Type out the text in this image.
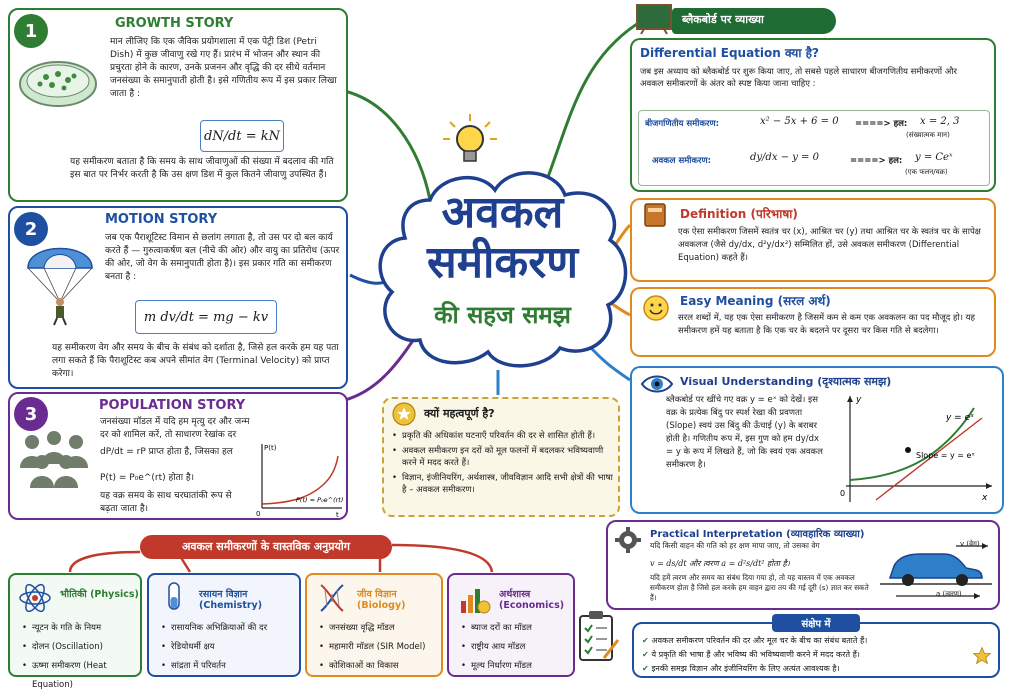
अवकल
समीकरण
की सहज समझ
1	GROWTH STORY
मान लीजिए कि एक जैविक प्रयोगशाला में एक पेट्री डिश (Petri Dish) में कुछ जीवाणु रखे गए हैं। प्रारंभ में भोजन और स्थान की प्रचुरता होने के कारण, उनके प्रजनन और वृद्धि की दर सीधे वर्तमान जनसंख्या के समानुपाती होती है। इसे गणितीय रूप में इस प्रकार लिखा जाता है :
dN/dt = kN
यह समीकरण बताता है कि समय के साथ जीवाणुओं की संख्या में बदलाव की गति इस बात पर निर्भर करती है कि उस क्षण डिश में कुल कितने जीवाणु उपस्थित हैं।
2	MOTION STORY
जब एक पैराशूटिस्ट विमान से छलांग लगाता है, तो उस पर दो बल कार्य करते हैं — गुरुत्वाकर्षण बल (नीचे की ओर) और वायु का प्रतिरोध (ऊपर की ओर, जो वेग के समानुपाती होता है)। इस प्रकार गति का समीकरण बनता है :
m dv/dt = mg − kv
यह समीकरण वेग और समय के बीच के संबंध को दर्शाता है, जिसे हल करके हम यह पता लगा सकते हैं कि पैराशूटिस्ट कब अपने सीमांत वेग (Terminal Velocity) को प्राप्त करेगा।
3	POPULATION STORY
जनसंख्या मॉडल में यदि हम मृत्यु दर और जन्म दर को शामिल करें, तो साधारण रेखांक दर
dP/dt = rP प्राप्त होता है, जिसका हल
P(t) = P₀e^(rt) होता है।
यह वक्र समय के साथ चरघातांकी रूप से बढ़ता जाता है।
P(t)
t
0
P(t) = P₀e^(rt)
ब्लैकबोर्ड पर व्याख्या
Differential Equation क्या है?
जब इस अध्याय को ब्लैकबोर्ड पर शुरू किया जाए, तो सबसे पहले साधारण बीजगणितीय समीकरणों और अवकल समीकरणों के अंतर को स्पष्ट किया जाना चाहिए :
बीजगणितीय समीकरण:	x² − 5x + 6 = 0 ====> हल: x = 2, 3
(संख्यात्मक मान)
अवकल समीकरण:	dy/dx − y = 0	====> हल: y = Ceˣ
(एक फलन/वक्र)
Definition (परिभाषा)
एक ऐसा समीकरण जिसमें स्वतंत्र चर (x), आश्रित चर (y) तथा आश्रित चर के स्वतंत्र चर के सापेक्ष अवकलज (जैसे dy/dx, d²y/dx²) सम्मिलित हों, उसे अवकल समीकरण (Differential Equation) कहते हैं।
Easy Meaning (सरल अर्थ)
सरल शब्दों में, यह एक ऐसा समीकरण है जिसमें कम से कम एक अवकलन का पद मौजूद हो। यह समीकरण हमें यह बताता है कि एक चर के बदलने पर दूसरा चर किस गति से बदलेगा।
Visual Understanding (दृश्यात्मक समझ)
ब्लैकबोर्ड पर खींचे गए वक्र y = eˣ को देखें। इस वक्र के प्रत्येक बिंदु पर स्पर्श रेखा की प्रवणता (Slope) स्वयं उस बिंदु की ऊँचाई (y) के बराबर होती है। गणितीय रूप में, इस गुण को हम dy/dx = y के रूप में लिखते हैं, जो कि स्वयं एक अवकल समीकरण है।
y
x
0
y = eˣ
Slope = y = eˣ
क्यों महत्वपूर्ण है?
• प्रकृति की अधिकांश घटनाएँ परिवर्तन की दर से शासित होती हैं।
• अवकल समीकरण इन दरों को मूल फलनों में बदलकर भविष्यवाणी करने में मदद करते हैं।
• विज्ञान, इंजीनियरिंग, अर्थशास्त्र, जीवविज्ञान आदि सभी क्षेत्रों की भाषा है – अवकल समीकरण।
अवकल समीकरणों के वास्तविक अनुप्रयोग
भौतिकी (Physics)
• न्यूटन के गति के नियम
• दोलन (Oscillation)
• ऊष्मा समीकरण (Heat Equation)
रसायन विज्ञान (Chemistry)
• रासायनिक अभिक्रियाओं की दर
• रेडियोधर्मी क्षय
• सांद्रता में परिवर्तन
जीव विज्ञान (Biology)
• जनसंख्या वृद्धि मॉडल
• महामारी मॉडल (SIR Model)
• कोशिकाओं का विकास
अर्थशास्त्र (Economics)
• ब्याज दरों का मॉडल
• राष्ट्रीय आय मॉडल
• मूल्य निर्धारण मॉडल
Practical Interpretation (व्यावहारिक व्याख्या)
यदि किसी वाहन की गति को हर क्षण मापा जाए, तो उसका वेग
v = ds/dt और त्वरण a = d²s/dt² होता है।
यदि हमें त्वरण और समय का संबंध दिया गया हो, तो यह वास्तव में एक अवकल समीकरण होता है जिसे हल करके हम वाहन द्वारा तय की गई दूरी (s) ज्ञात कर सकते हैं।
v (वेग)
a (त्वरण)
संक्षेप में
✔ अवकल समीकरण परिवर्तन की दर और मूल चर के बीच का संबंध बताते हैं।
✔ ये प्रकृति की भाषा हैं और भविष्य की भविष्यवाणी करने में मदद करते हैं।
✔ इनकी समझ विज्ञान और इंजीनियरिंग के लिए अत्यंत आवश्यक है।
